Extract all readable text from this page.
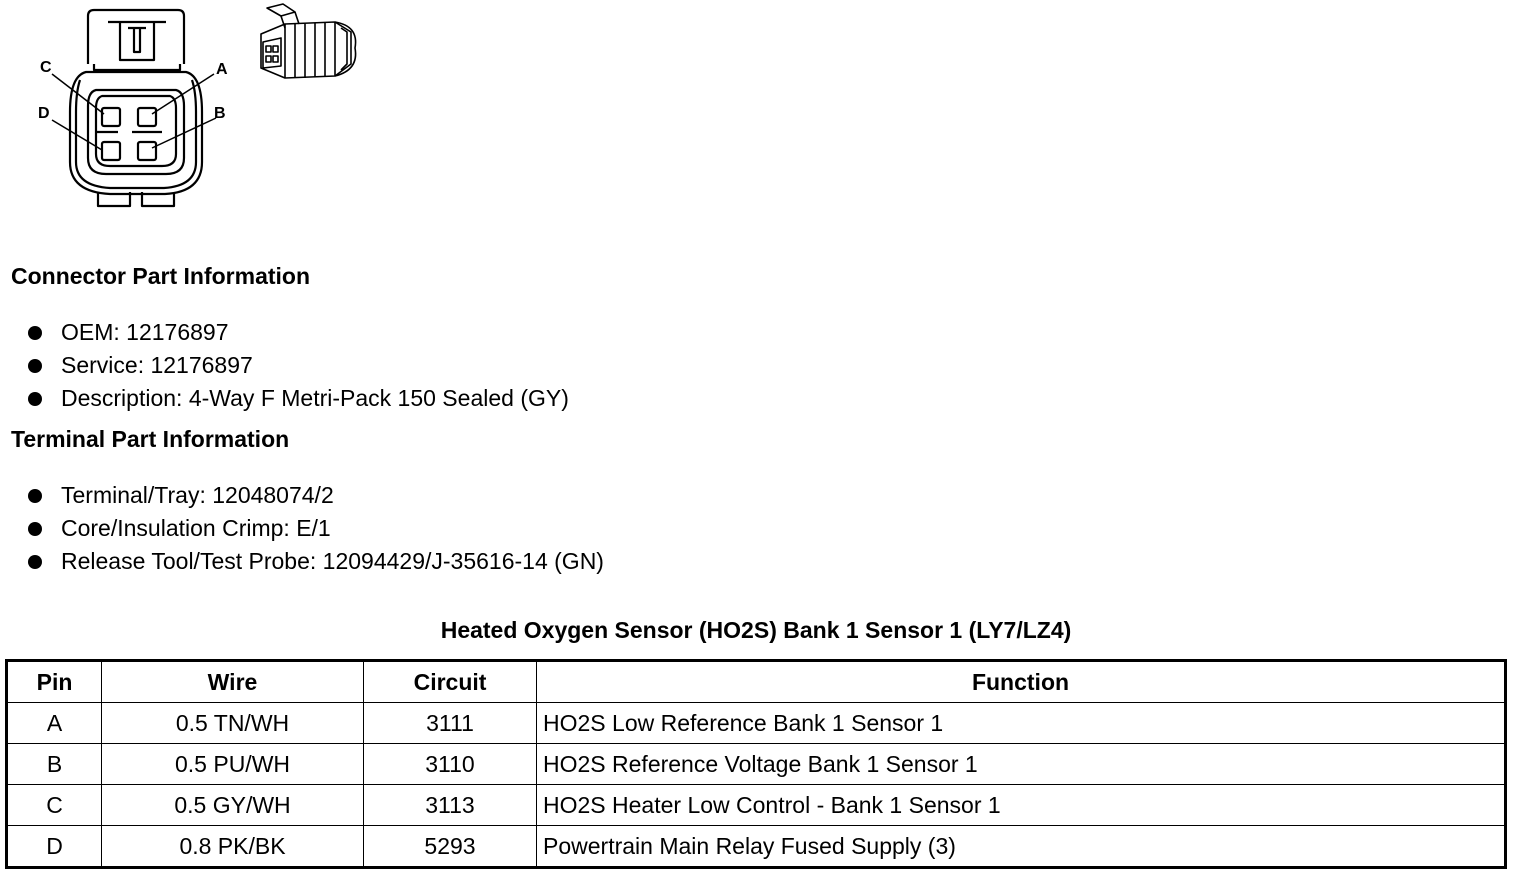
C	A
D	B
Connector Part Information
OEM: 12176897
Service: 12176897
Description: 4-Way F Metri-Pack 150 Sealed (GY)
Terminal Part Information
Terminal/Tray: 12048074/2
Core/Insulation Crimp: E/1
Release Tool/Test Probe: 12094429/J-35616-14 (GN)
Heated Oxygen Sensor (HO2S) Bank 1 Sensor 1 (LY7/LZ4)
Pin	Wire	Circuit	Function
A	0.5 TN/WH	3111	HO2S Low Reference Bank 1 Sensor 1
B	0.5 PU/WH	3110	HO2S Reference Voltage Bank 1 Sensor 1
C	0.5 GY/WH	3113	HO2S Heater Low Control - Bank 1 Sensor 1
D	0.8 PK/BK	5293	Powertrain Main Relay Fused Supply (3)
